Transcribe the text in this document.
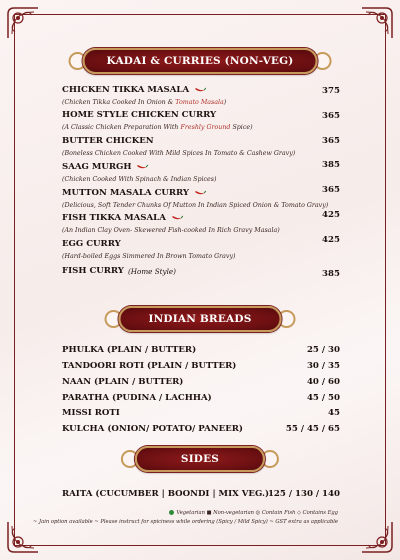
KADAI & CURRIES (NON-VEG)
CHICKEN TIKKA MASALA
(Chicken Tikka Cooked In Onion & Tomato Masala)
375
HOME STYLE CHICKEN CURRY
(A Classic Chicken Preparation With Freshly Ground Spice)
365
BUTTER CHICKEN
(Boneless Chicken Cooked With Mild Spices In Tomato & Cashew Gravy)
365
SAAG MURGH
(Chicken Cooked With Spinach & Indian Spices)
385
MUTTON MASALA CURRY
(Delicious, Soft Tender Chunks Of Mutton In Indian Spiced Onion & Tomato Gravy)
365
FISH TIKKA MASALA
(An Indian Clay Oven- Skewered Fish-cooked In Rich Gravy Masala)
425
EGG CURRY
(Hard-boiled Eggs Simmered In Brown Tomato Gravy)
425
FISH CURRY (Home Style)	385
INDIAN BREADS
PHULKA (PLAIN / BUTTER)	25 / 30
TANDOORI ROTI (PLAIN / BUTTER)	30 / 35
NAAN (PLAIN / BUTTER)	40 / 60
PARATHA (PUDINA / LACHHA)	45 / 50
MISSI ROTI	45
KULCHA (ONION/ POTATO/ PANEER)	55 / 45 / 65
SIDES
RAITA (CUCUMBER | BOONDI | MIX VEG.)
125 / 130 / 140
Vegetarian ■ Non-vegetarian ◎ Contain Fish ◇ Contains Egg
~ Jain option available ~ Please instruct for spiciness while ordering (Spicy / Mild Spicy) ~ GST extra as applicable
